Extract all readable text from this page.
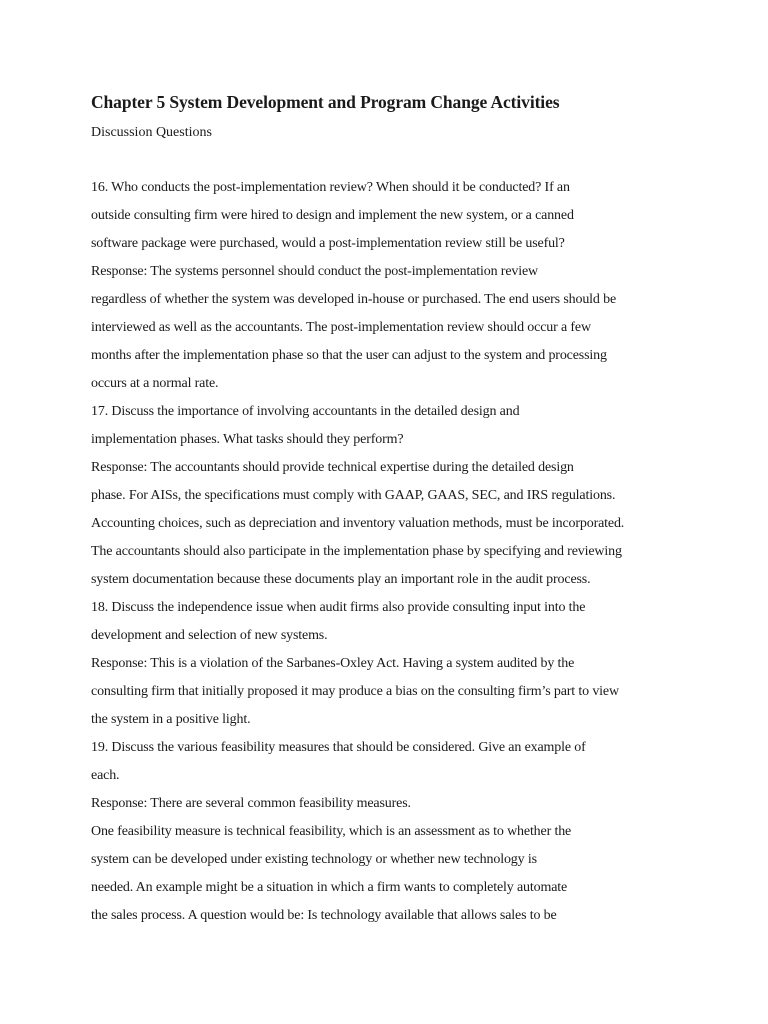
Chapter 5 System Development and Program Change Activities
Discussion Questions
16. Who conducts the post-implementation review? When should it be conducted? If an
outside consulting firm were hired to design and implement the new system, or a canned
software package were purchased, would a post-implementation review still be useful?
Response: The systems personnel should conduct the post-implementation review
regardless of whether the system was developed in-house or purchased. The end users should be
interviewed as well as the accountants. The post-implementation review should occur a few
months after the implementation phase so that the user can adjust to the system and processing
occurs at a normal rate.
17. Discuss the importance of involving accountants in the detailed design and
implementation phases. What tasks should they perform?
Response: The accountants should provide technical expertise during the detailed design
phase. For AISs, the specifications must comply with GAAP, GAAS, SEC, and IRS regulations.
Accounting choices, such as depreciation and inventory valuation methods, must be incorporated.
The accountants should also participate in the implementation phase by specifying and reviewing
system documentation because these documents play an important role in the audit process.
18. Discuss the independence issue when audit firms also provide consulting input into the
development and selection of new systems.
Response: This is a violation of the Sarbanes-Oxley Act. Having a system audited by the
consulting firm that initially proposed it may produce a bias on the consulting firm’s part to view
the system in a positive light.
19. Discuss the various feasibility measures that should be considered. Give an example of
each.
Response: There are several common feasibility measures.
One feasibility measure is technical feasibility, which is an assessment as to whether the
system can be developed under existing technology or whether new technology is
needed. An example might be a situation in which a firm wants to completely automate
the sales process. A question would be: Is technology available that allows sales to be
